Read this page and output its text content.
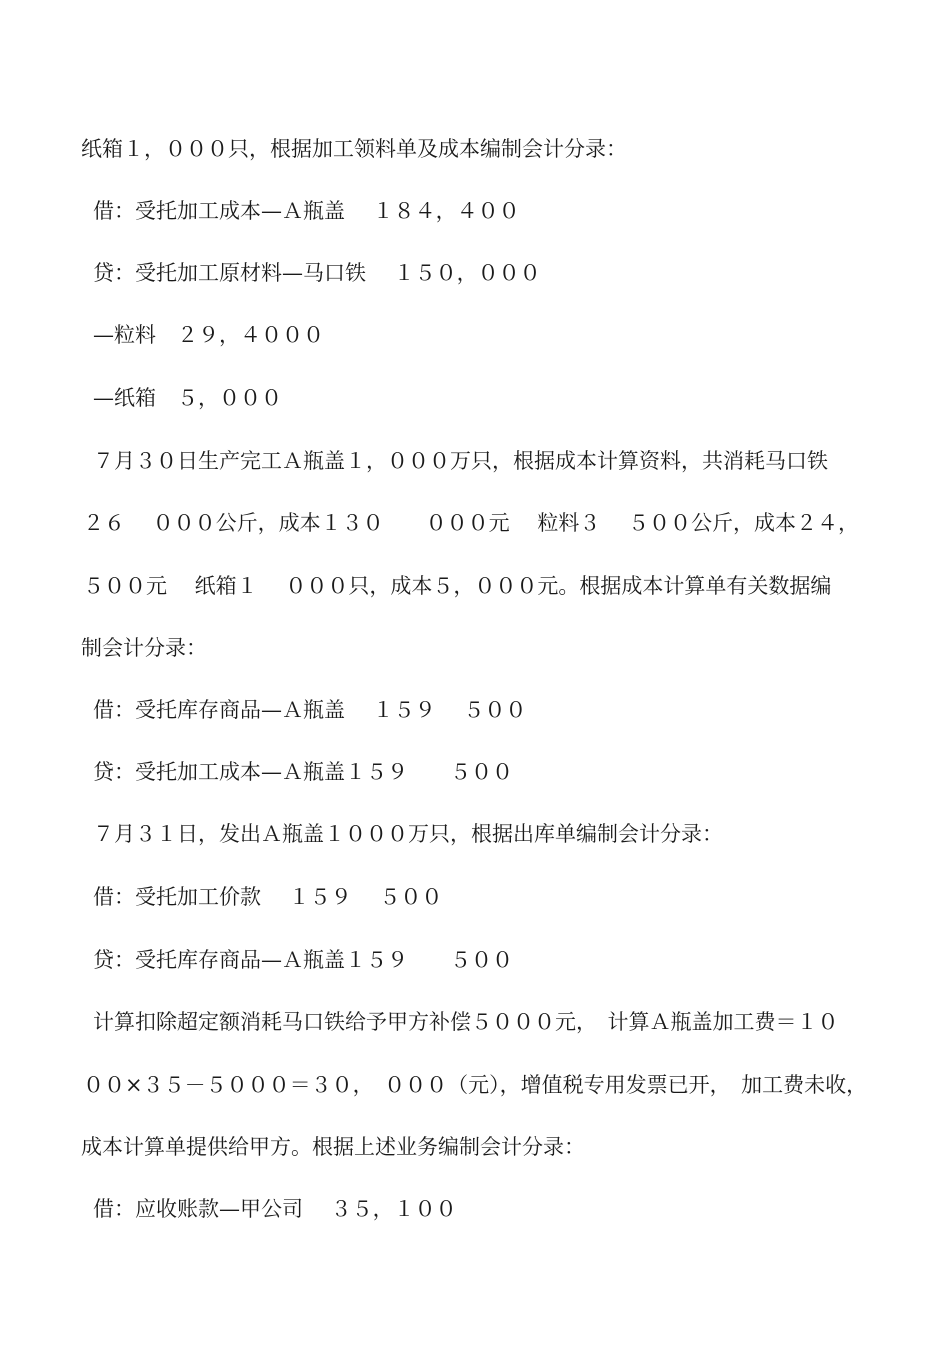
纸箱１，０００只，根据加工领料单及成本编制会计分录：
借：受托加工成本—Ａ瓶盖　 １８４，４００
贷：受托加工原材料—马口铁　 １５０，０００
—粒料　２９，４０００
—纸箱　５，０００
７月３０日生产完工Ａ瓶盖１，０００万只，根据成本计算资料，共消耗马口铁
２６　 ０００公斤，成本１３０　　０００元　 粒料３　 ５００公斤，成本２４，
５００元　 纸箱１　 ０００只，成本５，０００元。根据成本计算单有关数据编
制会计分录：
借：受托库存商品—Ａ瓶盖　 １５９　 ５００
贷：受托加工成本—Ａ瓶盖１５９　　５００
７月３１日，发出Ａ瓶盖１０００万只，根据出库单编制会计分录：
借：受托加工价款　 １５９　 ５００
贷：受托库存商品—Ａ瓶盖１５９　　５００
计算扣除超定额消耗马口铁给予甲方补偿５０００元，　计算Ａ瓶盖加工费＝１０
００×３５－５０００＝３０，　０００（元），增值税专用发票已开，　加工费未收，
成本计算单提供给甲方。根据上述业务编制会计分录：
借：应收账款—甲公司　 ３５，１００
